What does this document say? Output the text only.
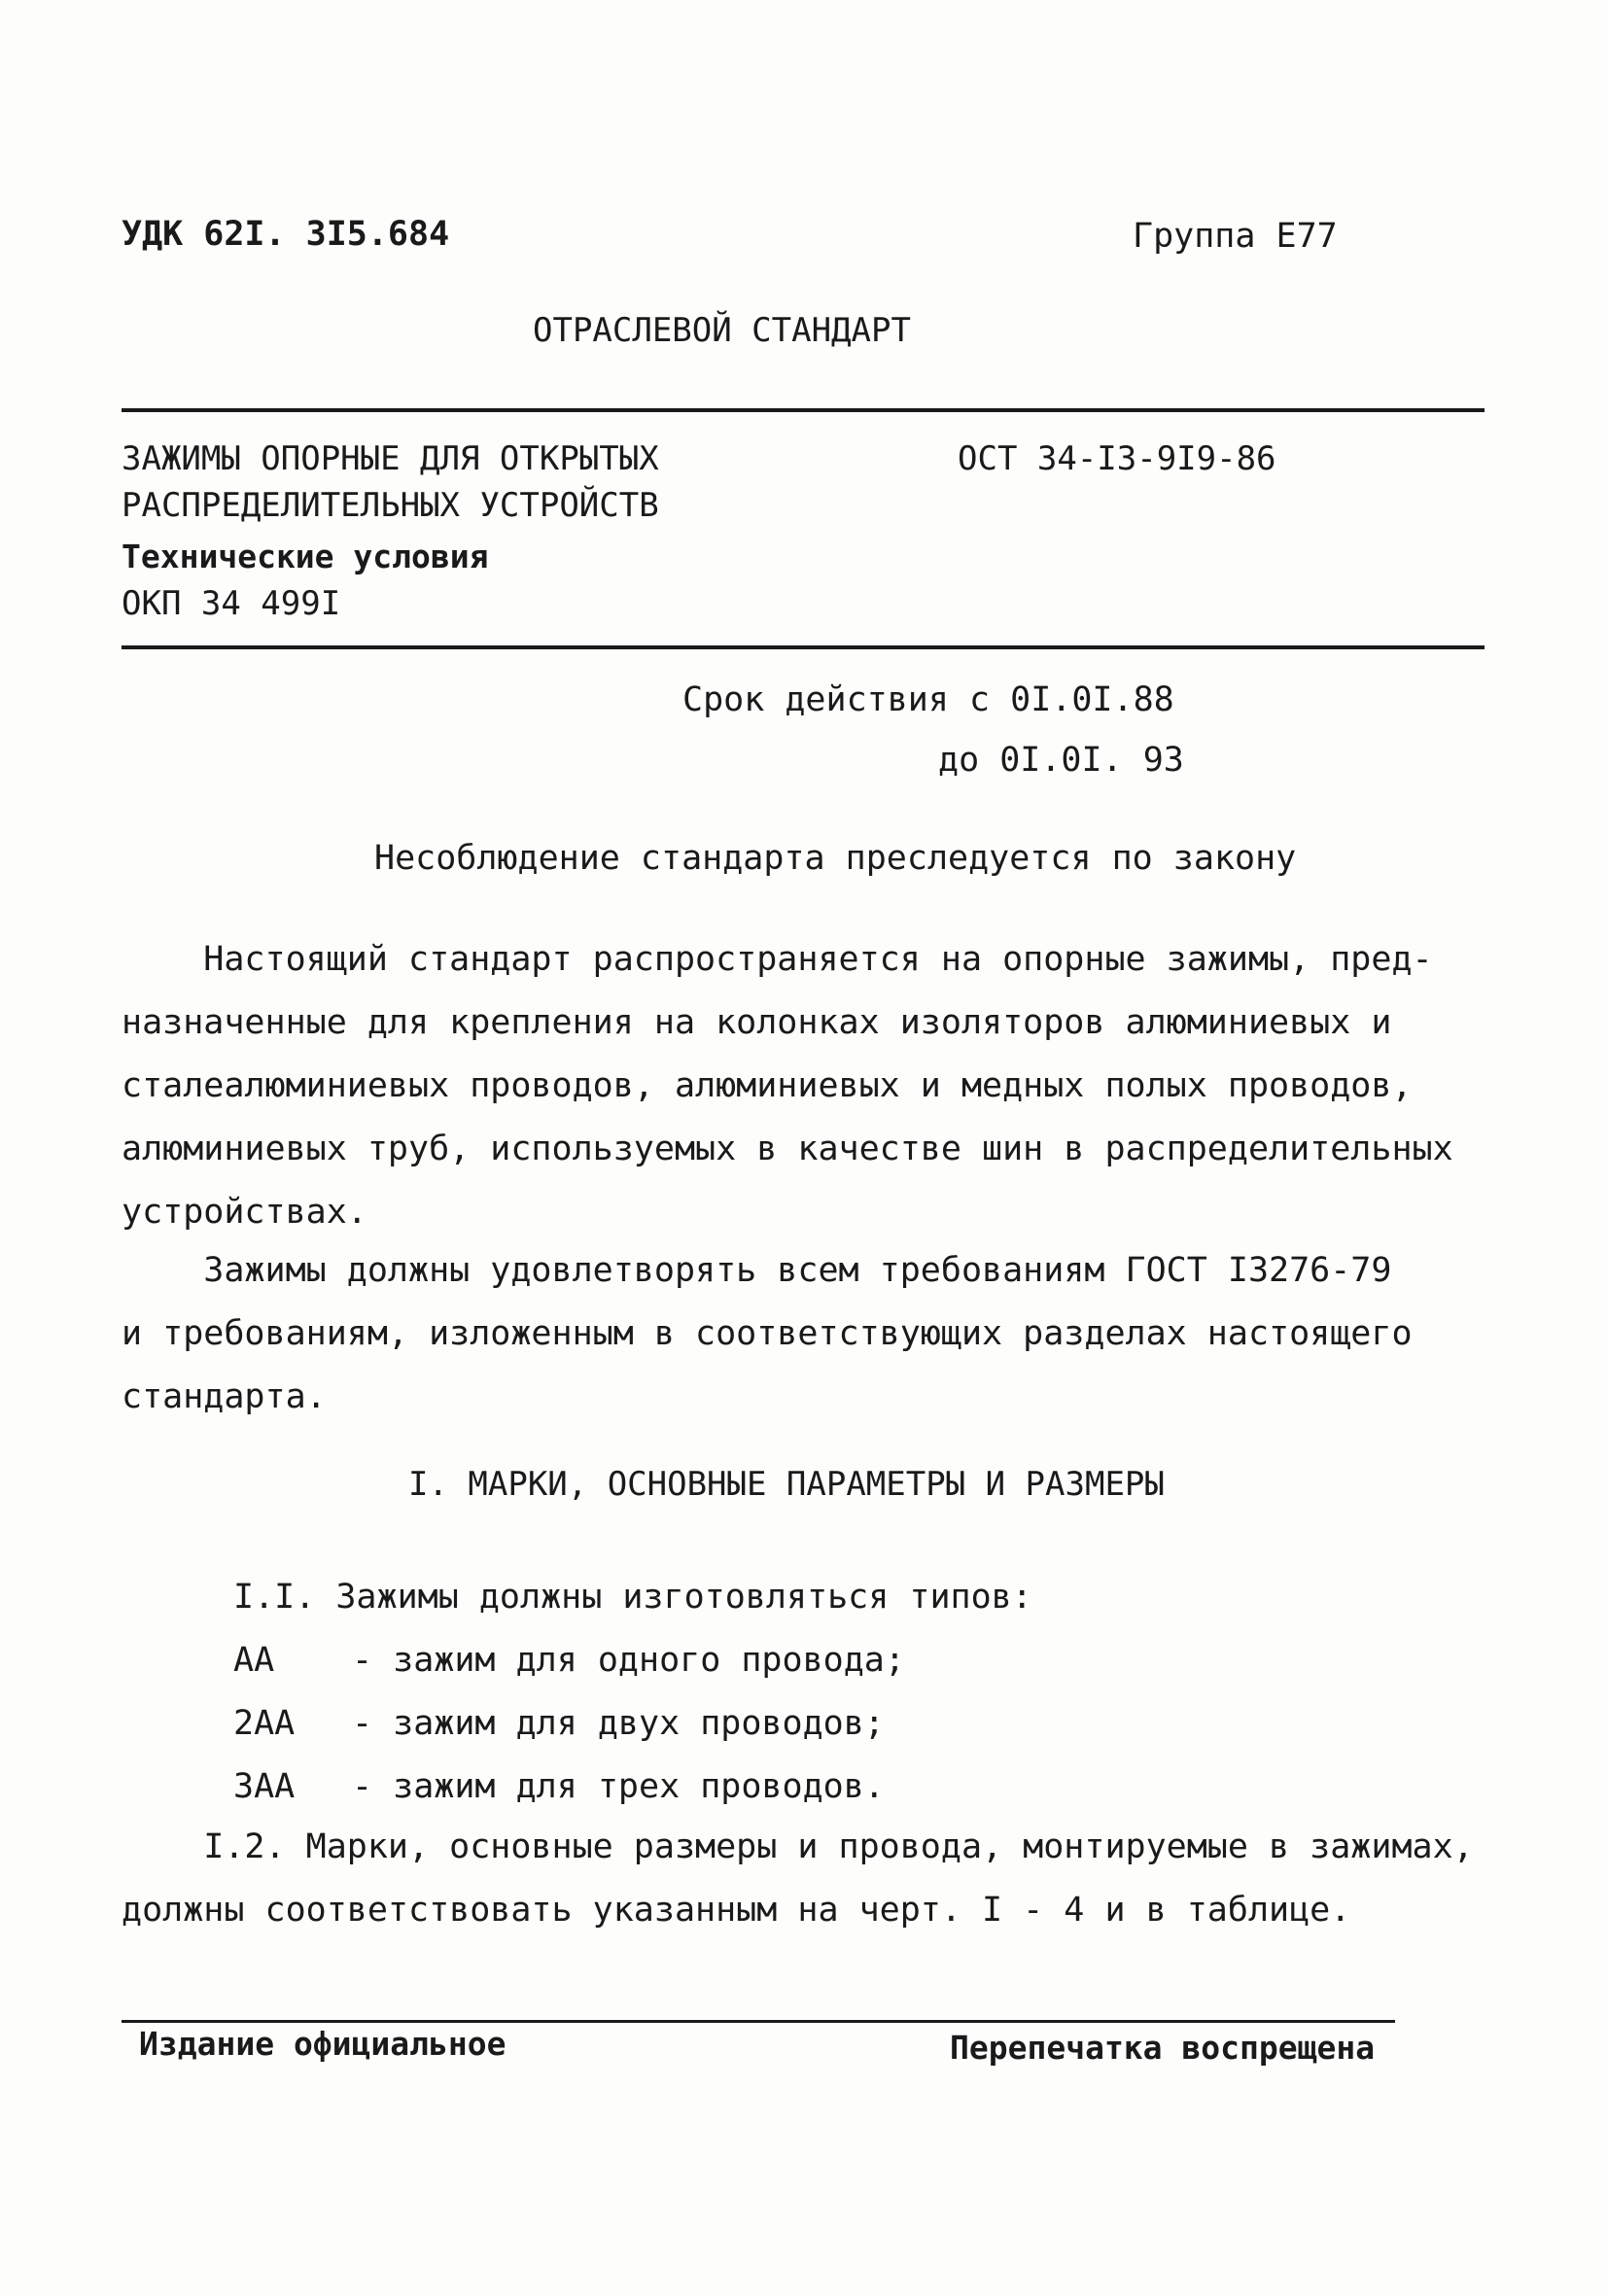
УДК 62I. 3I5.684	Группа Е77
ОТРАСЛЕВОЙ СТАНДАРТ
ЗАЖИМЫ ОПОРНЫЕ ДЛЯ ОТКРЫТЫХ
РАСПРЕДЕЛИТЕЛЬНЫХ УСТРОЙСТВ
Технические условия
ОКП 34 499I
ОСТ 34-I3-9I9-86
Срок действия с 0I.0I.88
до 0I.0I. 93
Несоблюдение стандарта преследуется по закону
Настоящий стандарт распространяется на опорные зажимы, пред-
назначенные для крепления на колонках изоляторов алюминиевых и
сталеалюминиевых проводов, алюминиевых и медных полых проводов,
алюминиевых труб, используемых в качестве шин в распределительных
устройствах.
Зажимы должны удовлетворять всем требованиям ГОСТ I3276-79
и требованиям, изложенным в соответствующих разделах настоящего
стандарта.
I. МАРКИ, ОСНОВНЫЕ ПАРАМЕТРЫ И РАЗМЕРЫ
I.I. Зажимы должны изготовляться типов:
АА - зажим для одного провода;
2АА - зажим для двух проводов;
3АА - зажим для трех проводов.
I.2. Марки, основные размеры и провода, монтируемые в зажимах,
должны соответствовать указанным на черт. I - 4 и в таблице.
Издание официальное	Перепечатка воспрещена
